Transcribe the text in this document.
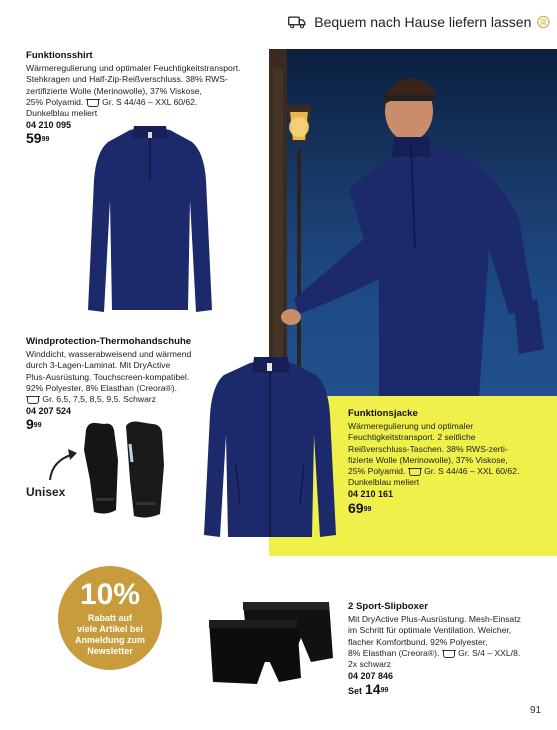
Bequem nach Hause liefern lassen
Funktionsshirt
Wärmeregulierung und optimaler Feuchtigkeitstransport.
Stehkragen und Half-Zip-Reißverschluss. 38% RWS-
zertifizierte Wolle (Merinowolle), 37% Viskose,
25% Polyamid. Gr. S 44/46 – XXL 60/62.
Dunkelblau meliert
04 210 095
$59^{99}$
Windprotection-Thermohandschuhe
Winddicht, wasserabweisend und wärmend
durch 3-Lagen-Laminat. Mit DryActive
Plus-Ausrüstung. Touchscreen-kompatibel.
92% Polyester, 8% Elasthan (Creora®).
Gr. 6,5, 7,5, 8,5, 9,5. Schwarz
04 207 524
$9^{99}$
Unisex
Funktionsjacke
Wärmeregulierung und optimaler
Feuchtigkeitstransport. 2 seitliche
Reißverschluss-Taschen. 38% RWS-zerti-
fizierte Wolle (Merinowolle), 37% Viskose,
25% Polyamid. Gr. S 44/46 – XXL 60/62.
Dunkelblau meliert
04 210 161
$69^{99}$
10%
Rabatt auf
viele Artikel bei
Anmeldung zum
Newsletter
2 Sport-Slipboxer
Mit DryActive Plus-Ausrüstung. Mesh-Einsatz
im Schritt für optimale Ventilation. Weicher,
flacher Komfortbund. 92% Polyester,
8% Elasthan (Creora®). Gr. S/4 – XXL/8.
2x schwarz
04 207 846
Set $14^{99}$
91
